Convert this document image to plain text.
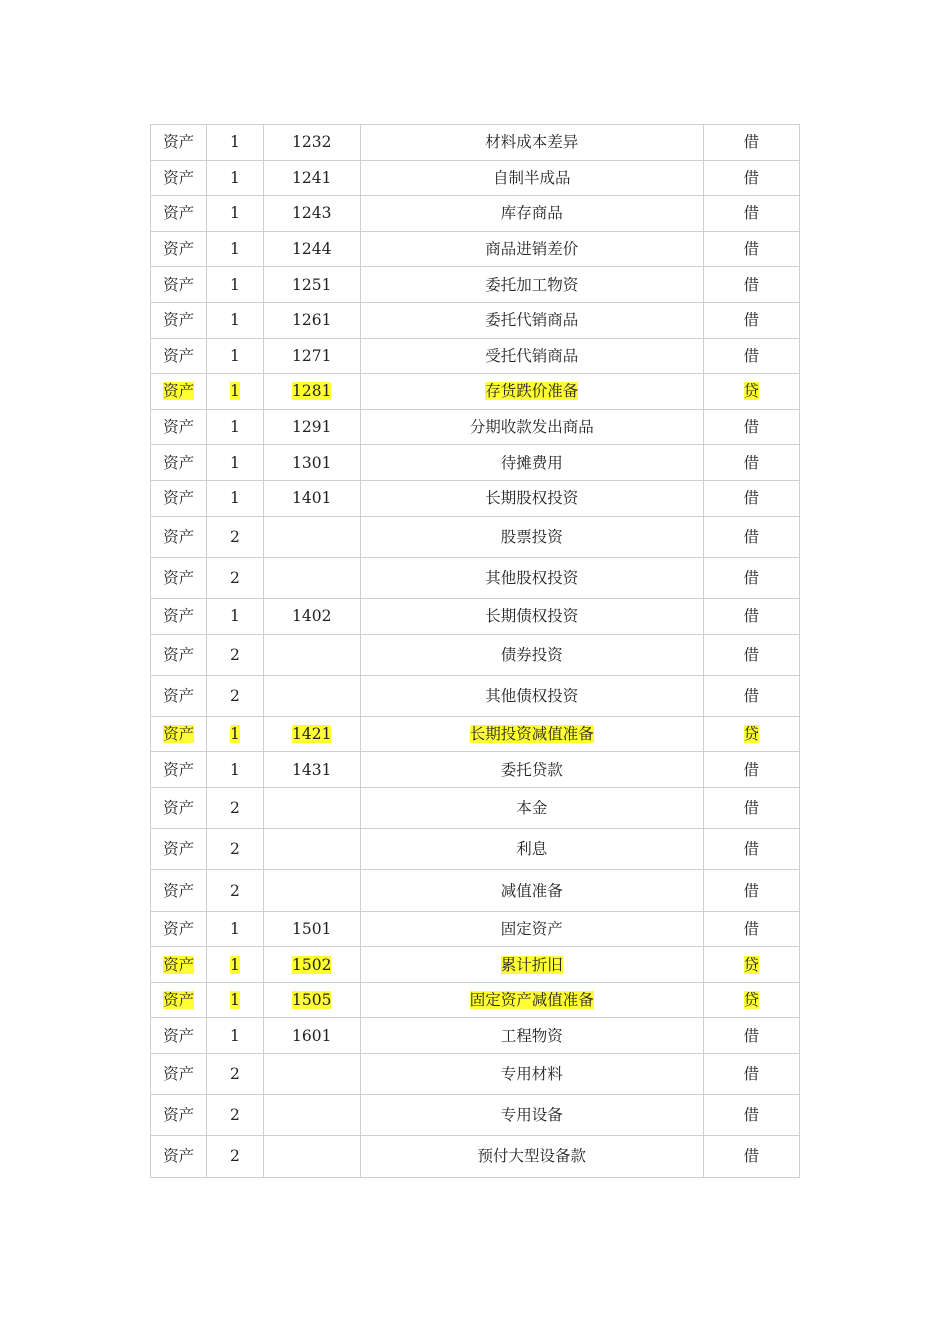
资产	1	1232	材料成本差异	借
资产	1	1241	自制半成品	借
资产	1	1243	库存商品	借
资产	1	1244	商品进销差价	借
资产	1	1251	委托加工物资	借
资产	1	1261	委托代销商品	借
资产	1	1271	受托代销商品	借
资产	1	1281	存货跌价准备	贷
资产	1	1291	分期收款发出商品	借
资产	1	1301	待摊费用	借
资产	1	1401	长期股权投资	借
资产	2		股票投资	借
资产	2		其他股权投资	借
资产	1	1402	长期债权投资	借
资产	2		债券投资	借
资产	2		其他债权投资	借
资产	1	1421	长期投资减值准备	贷
资产	1	1431	委托贷款	借
资产	2		本金	借
资产	2		利息	借
资产	2		减值准备	借
资产	1	1501	固定资产	借
资产	1	1502	累计折旧	贷
资产	1	1505	固定资产减值准备	贷
资产	1	1601	工程物资	借
资产	2		专用材料	借
资产	2		专用设备	借
资产	2		预付大型设备款	借
